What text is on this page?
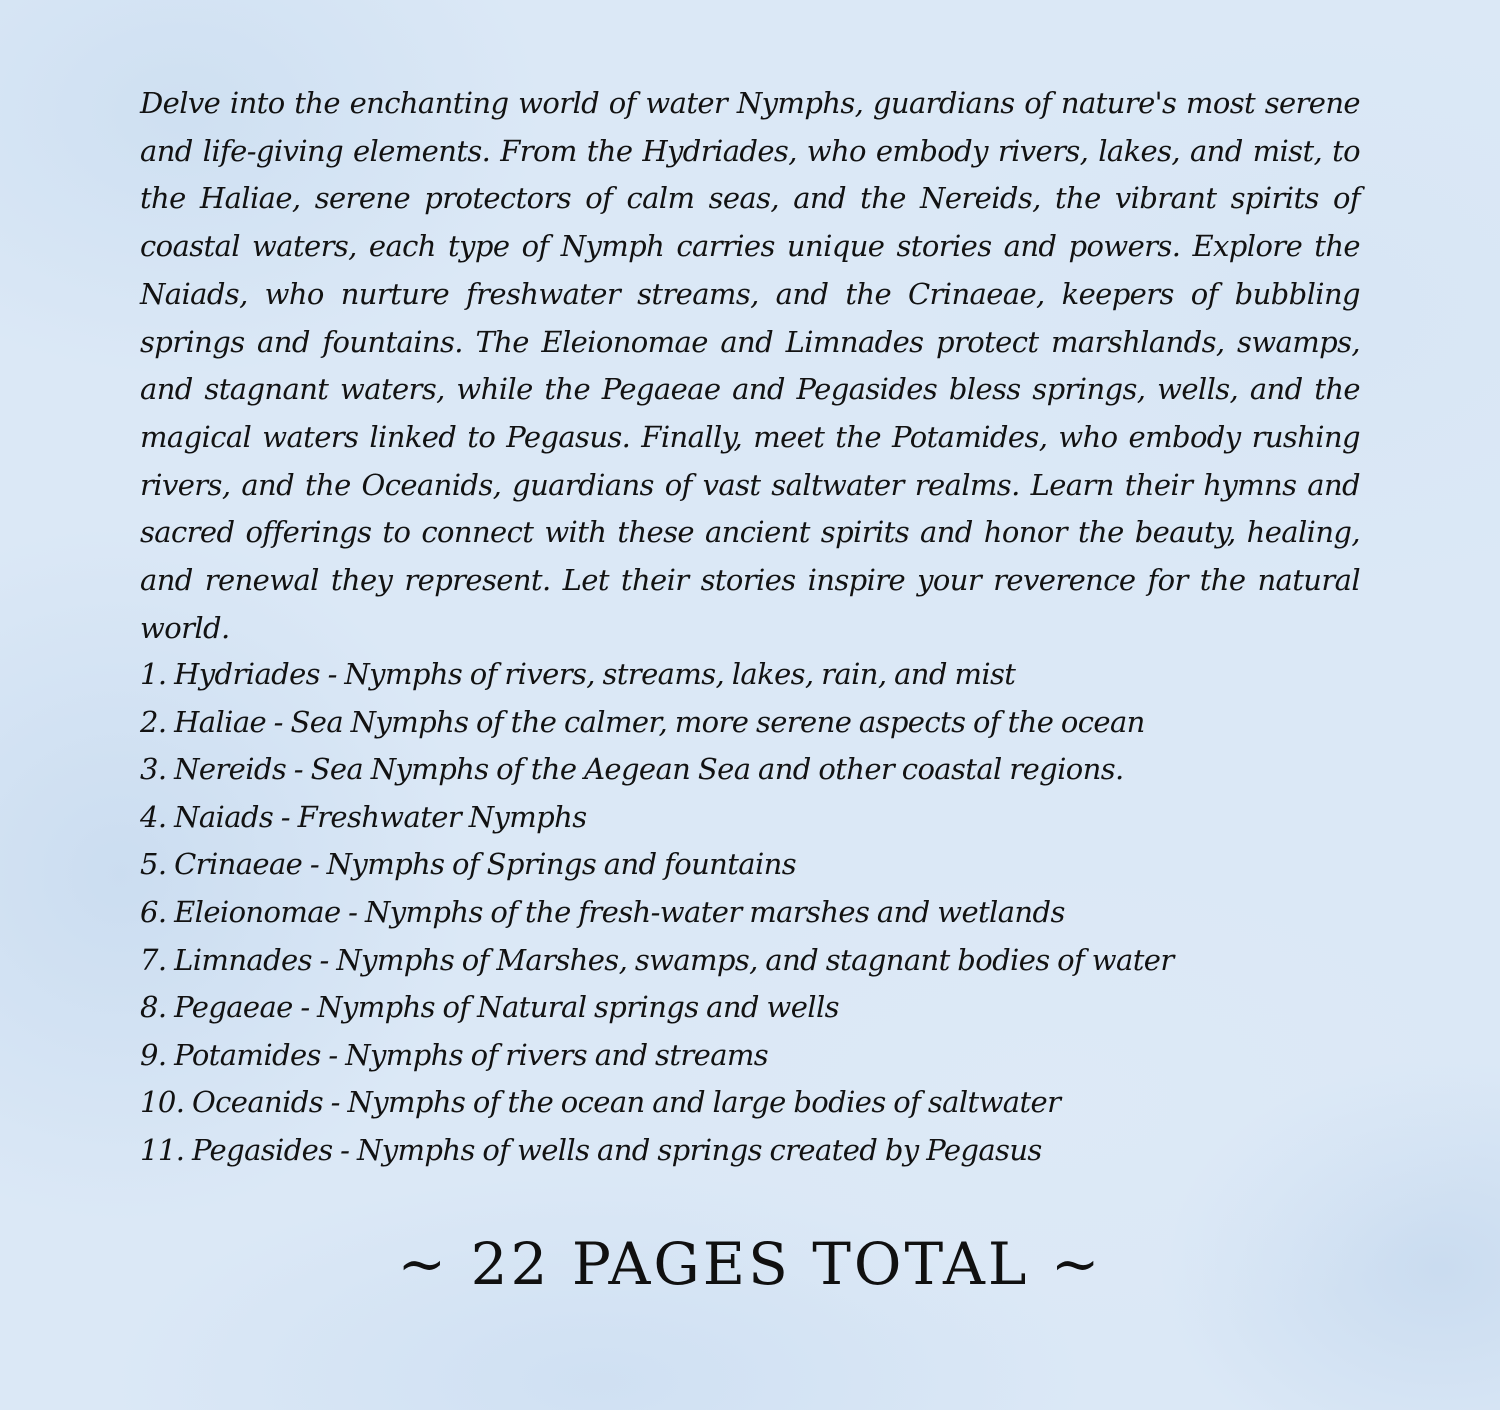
Delve into the enchanting world of water Nymphs, guardians of nature's most serene and life-giving elements. From the Hydriades, who embody rivers, lakes, and mist, to the Haliae, serene protectors of calm seas, and the Nereids, the vibrant spirits of coastal waters, each type of Nymph carries unique stories and powers. Explore the Naiads, who nurture freshwater streams, and the Crinaeae, keepers of bubbling springs and fountains. The Eleionomae and Limnades protect marshlands, swamps, and stagnant waters, while the Pegaeae and Pegasides bless springs, wells, and the magical waters linked to Pegasus. Finally, meet the Potamides, who embody rushing rivers, and the Oceanids, guardians of vast saltwater realms. Learn their hymns and sacred offerings to connect with these ancient spirits and honor the beauty, healing, and renewal they represent. Let their stories inspire your reverence for the natural world.

1. Hydriades - Nymphs of rivers, streams, lakes, rain, and mist
2. Haliae - Sea Nymphs of the calmer, more serene aspects of the ocean
3. Nereids - Sea Nymphs of the Aegean Sea and other coastal regions.
4. Naiads - Freshwater Nymphs
5. Crinaeae - Nymphs of Springs and fountains
6. Eleionomae - Nymphs of the fresh-water marshes and wetlands
7. Limnades - Nymphs of Marshes, swamps, and stagnant bodies of water
8. Pegaeae - Nymphs of Natural springs and wells
9. Potamides - Nymphs of rivers and streams
10. Oceanids - Nymphs of the ocean and large bodies of saltwater
11. Pegasides - Nymphs of wells and springs created by Pegasus

~ 22 PAGES TOTAL ~
